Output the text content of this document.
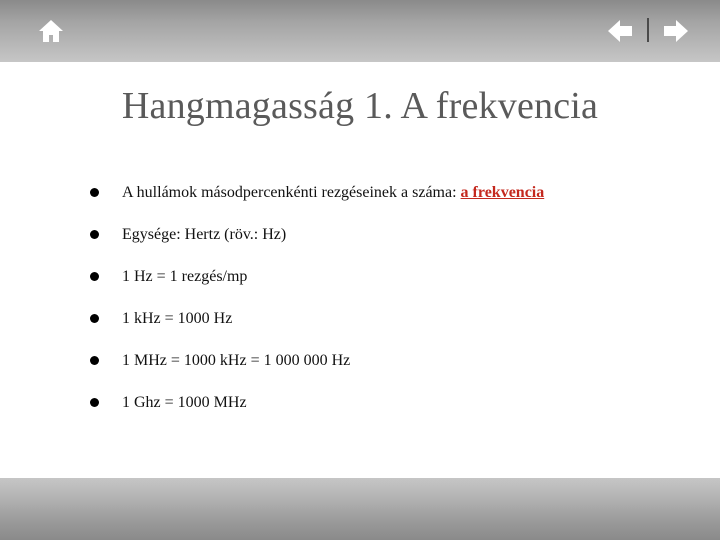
Hangmagasság 1. A frekvencia
A hullámok másodpercenkénti rezgéseinek a száma: a frekvencia
Egysége: Hertz (röv.: Hz)
1 Hz = 1 rezgés/mp
1 kHz = 1000 Hz
1 MHz = 1000 kHz = 1 000 000 Hz
1 Ghz = 1000 MHz
